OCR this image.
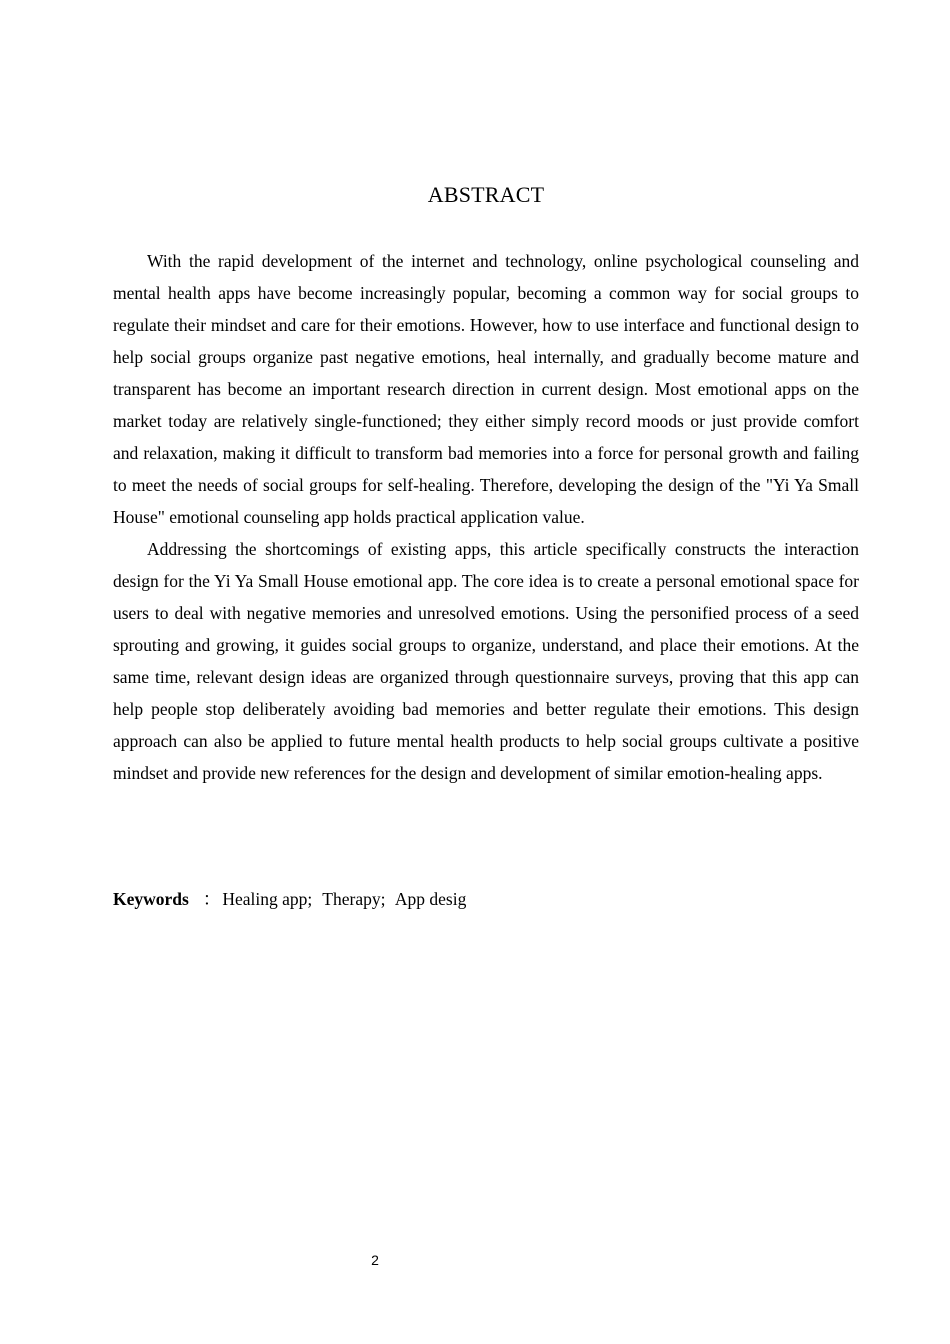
ABSTRACT

With the rapid development of the internet and technology, online psychological counseling and mental health apps have become increasingly popular, becoming a common way for social groups to regulate their mindset and care for their emotions. However, how to use interface and functional design to help social groups organize past negative emotions, heal internally, and gradually become mature and transparent has become an important research direction in current design. Most emotional apps on the market today are relatively single-functioned; they either simply record moods or just provide comfort and relaxation, making it difficult to transform bad memories into a force for personal growth and failing to meet the needs of social groups for self-healing. Therefore, developing the design of the "Yi Ya Small House" emotional counseling app holds practical application value.

Addressing the shortcomings of existing apps, this article specifically constructs the interaction design for the Yi Ya Small House emotional app. The core idea is to create a personal emotional space for users to deal with negative memories and unresolved emotions. Using the personified process of a seed sprouting and growing, it guides social groups to organize, understand, and place their emotions. At the same time, relevant design ideas are organized through questionnaire surveys, proving that this app can help people stop deliberately avoiding bad memories and better regulate their emotions. This design approach can also be applied to future mental health products to help social groups cultivate a positive mindset and provide new references for the design and development of similar emotion-healing apps.

Keywords ： Healing app; Therapy; App desig
2
